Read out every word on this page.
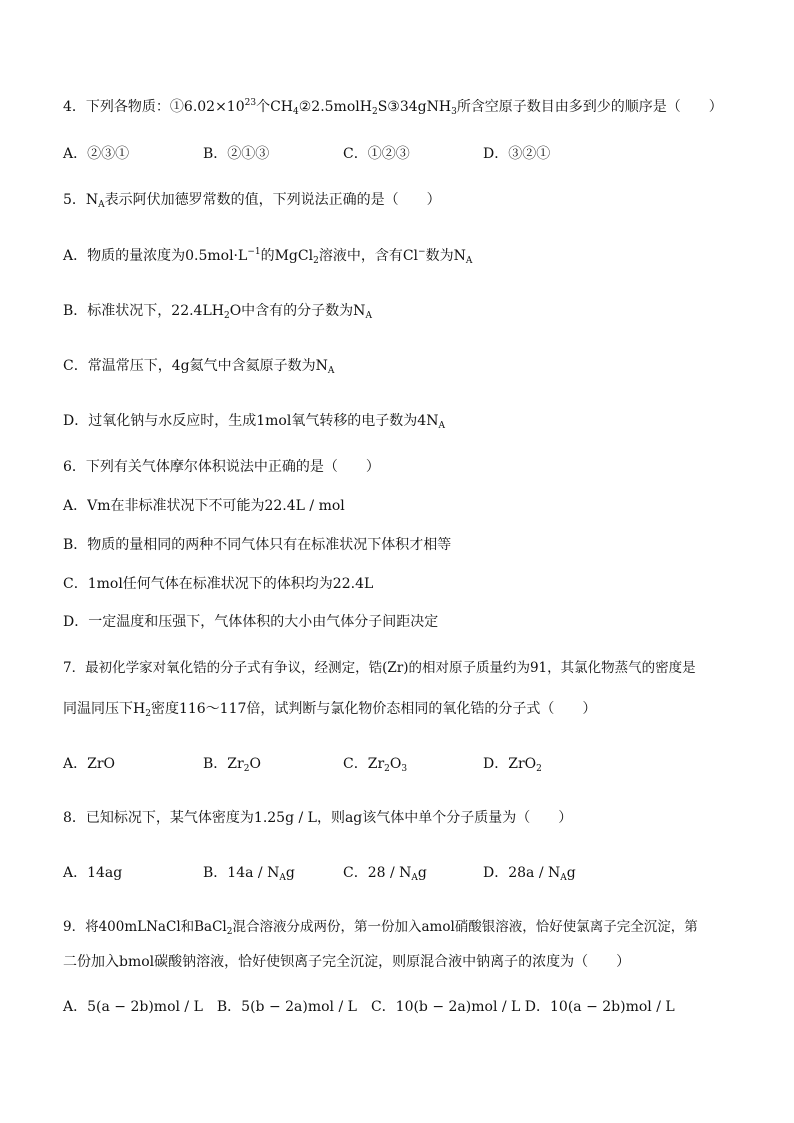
4．下列各物质：$①6.02\times 10^{23}$个$CH_4②2.5molH_2S③34gNH_3$所含空原子数目由多到少的顺序是（　　）
A．②③①	B．②①③	C．①②③	D．③②①
5．$N_A$表示阿伏加德罗常数的值，下列说法正确的是（　　）
A．物质的量浓度为$0.5mol\cdot L^{-1}$的MgCl$_2$溶液中，含有Cl−数为$N_A$
B．标准状况下，$22.4LH_2O$中含有的分子数为$N_A$
C．常温常压下，4g氦气中含氦原子数为$N_A$
D．过氧化钠与水反应时，生成1mol氧气转移的电子数为$4N_A$
6．下列有关气体摩尔体积说法中正确的是（　　）
A．Vm在非标准状况下不可能为22.4L / mol
B．物质的量相同的两种不同气体只有在标准状况下体积才相等
C．1mol任何气体在标准状况下的体积均为22.4L
D．一定温度和压强下，气体体积的大小由气体分子间距决定
7．最初化学家对氧化锆的分子式有争议，经测定，锆(Zr)的相对原子质量约为91，其氯化物蒸气的密度是
同温同压下$H_2$密度116～117倍，试判断与氯化物价态相同的氧化锆的分子式（　　）
A．ZrO	B．$Zr_2O$	C．$Zr_2O_3$	D．ZrO$_2$
8．已知标况下，某气体密度为1.25g / L，则ag该气体中单个分子质量为（　　）
A．14ag	B．$14a / N_Ag$	C．$28 / N_Ag$	D．$28a / N_Ag$
9．将400mLNaCl和BaCl$_2$混合溶液分成两份，第一份加入amol硝酸银溶液，恰好使氯离子完全沉淀，第
二份加入bmol碳酸钠溶液，恰好使钡离子完全沉淀，则原混合液中钠离子的浓度为（　　）
A．5(a − 2b)mol / L　B．5(b − 2a)mol / L　C．10(b − 2a)mol / L D．10(a − 2b)mol / L
